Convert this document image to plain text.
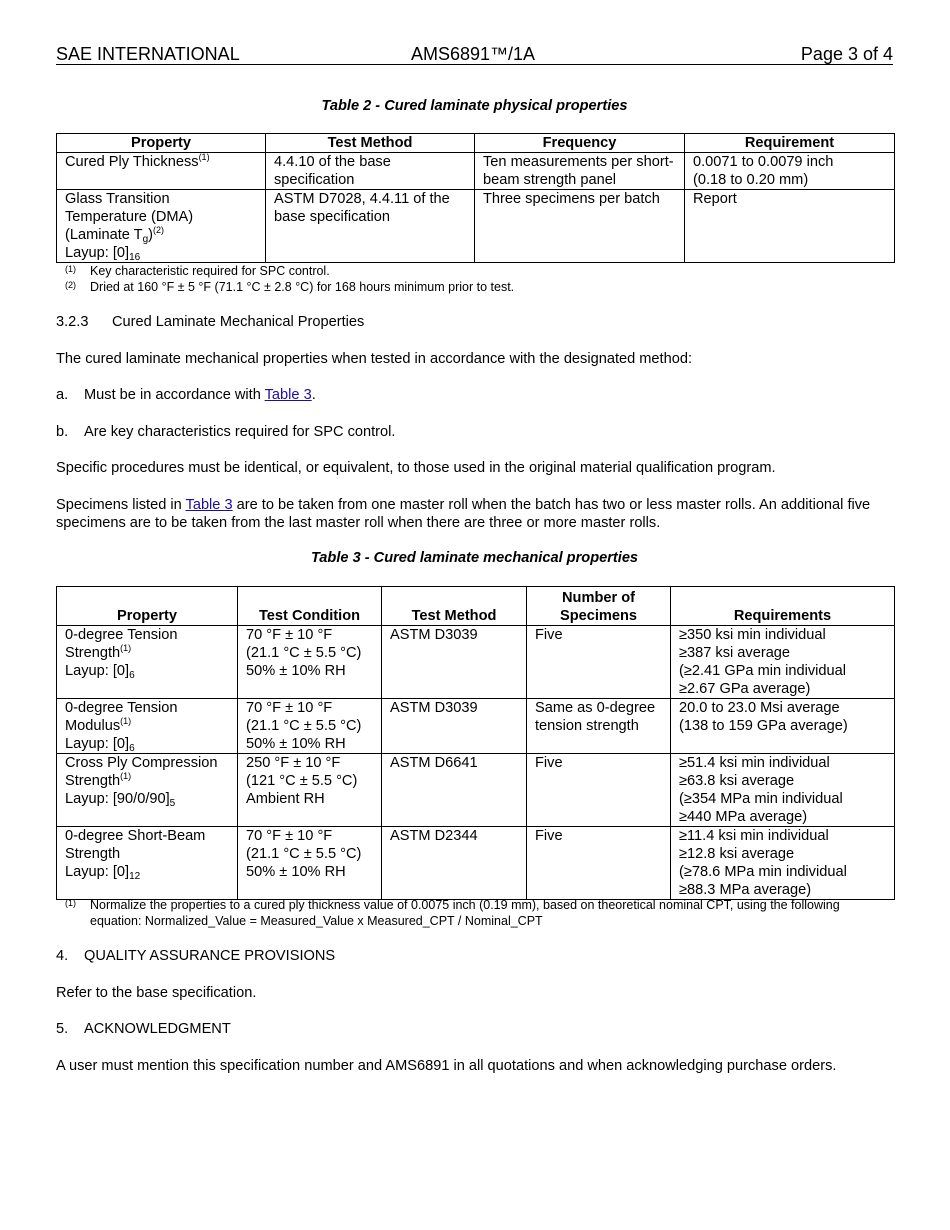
SAE INTERNATIONAL	AMS6891™/1A	Page 3 of 4
Table 2 - Cured laminate physical properties
Property	Test Method	Frequency	Requirement
Cured Ply Thickness$^{(1)}$	4.4.10 of the base specification	Ten measurements per short-beam strength panel	0.0071 to 0.0079 inch
(0.18 to 0.20 mm)
Glass Transition
Temperature (DMA)
(Laminate $T_g)^{(2)}$
Layup: $[0]_{16}$	ASTM D7028, 4.4.11 of the base specification	Three specimens per batch	Report
(1) Key characteristic required for SPC control.
(2) Dried at 160 °F ± 5 °F (71.1 °C ± 2.8 °C) for 168 hours minimum prior to test.
3.2.3 Cured Laminate Mechanical Properties
The cured laminate mechanical properties when tested in accordance with the designated method:
a. Must be in accordance with Table 3.
b. Are key characteristics required for SPC control.
Specific procedures must be identical, or equivalent, to those used in the original material qualification program.
Specimens listed in Table 3 are to be taken from one master roll when the batch has two or less master rolls. An additional five specimens are to be taken from the last master roll when there are three or more master rolls.
Table 3 - Cured laminate mechanical properties
Property	Test Condition	Test Method	Number of Specimens	Requirements
0-degree Tension
Strength$^{(1)}$
Layup: $[0]_6$	70 °F ± 10 °F
(21.1 °C ± 5.5 °C)
50% ± 10% RH	ASTM D3039	Five	≥350 ksi min individual
≥387 ksi average
(≥2.41 GPa min individual
≥2.67 GPa average)
0-degree Tension
Modulus$^{(1)}$
Layup: $[0]_6$	70 °F ± 10 °F
(21.1 °C ± 5.5 °C)
50% ± 10% RH	ASTM D3039	Same as 0-degree tension strength	20.0 to 23.0 Msi average
(138 to 159 GPa average)
Cross Ply Compression
Strength$^{(1)}$
Layup: $[90/0/90]_5$	250 °F ± 10 °F
(121 °C ± 5.5 °C)
Ambient RH	ASTM D6641	Five	≥51.4 ksi min individual
≥63.8 ksi average
(≥354 MPa min individual
≥440 MPa average)
0-degree Short-Beam
Strength
Layup: $[0]_{12}$	70 °F ± 10 °F
(21.1 °C ± 5.5 °C)
50% ± 10% RH	ASTM D2344	Five	≥11.4 ksi min individual
≥12.8 ksi average
(≥78.6 MPa min individual
≥88.3 MPa average)
(1) Normalize the properties to a cured ply thickness value of 0.0075 inch (0.19 mm), based on theoretical nominal CPT, using the following equation: Normalized_Value = Measured_Value x Measured_CPT / Nominal_CPT
4. QUALITY ASSURANCE PROVISIONS
Refer to the base specification.
5. ACKNOWLEDGMENT
A user must mention this specification number and AMS6891 in all quotations and when acknowledging purchase orders.
